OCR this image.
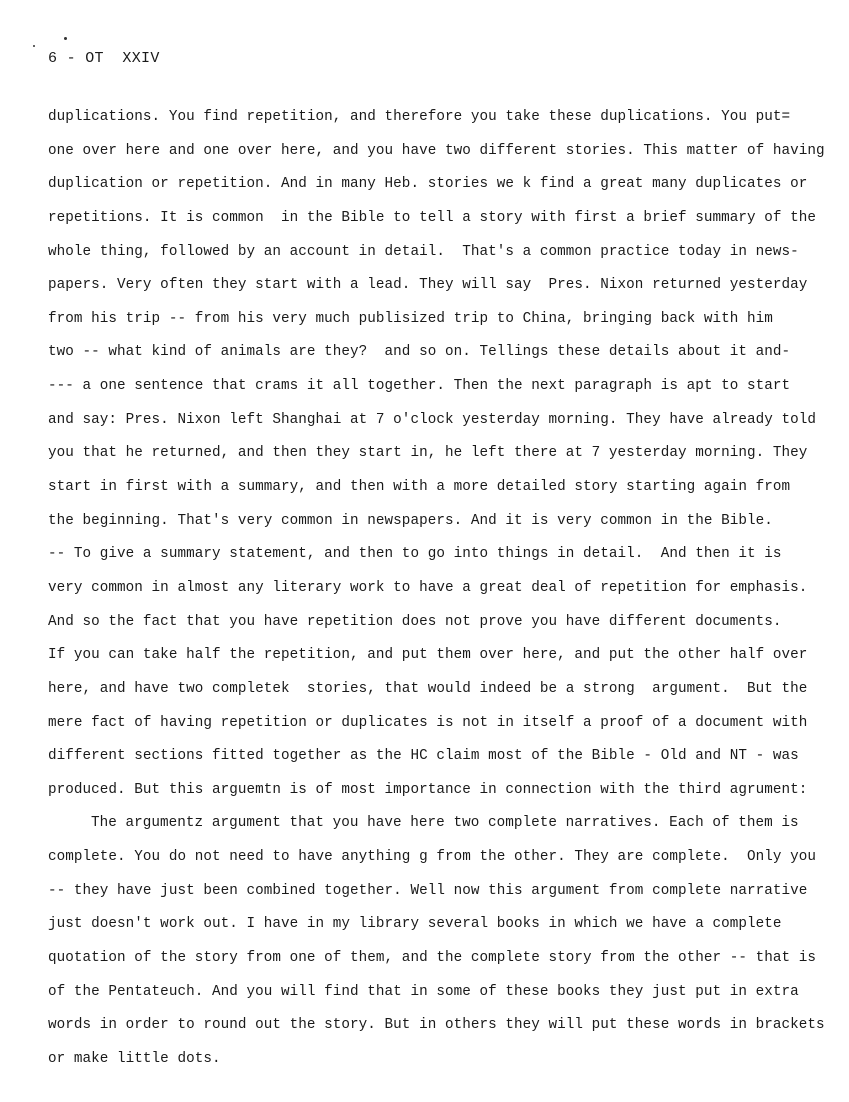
6 - OT  XXIV
duplications. You find repetition, and therefore you take these duplications. You put=
one over here and one over here, and you have two different stories. This matter of having
duplication or repetition. And in many Heb. stories we k find a great many duplicates or
repetitions. It is common  in the Bible to tell a story with first a brief summary of the
whole thing, followed by an account in detail.  That's a common practice today in news-
papers. Very often they start with a lead. They will say  Pres. Nixon returned yesterday
from his trip -- from his very much publisized trip to China, bringing back with him
two -- what kind of animals are they?  and so on. Tellings these details about it and-
--- a one sentence that crams it all together. Then the next paragraph is apt to start
and say: Pres. Nixon left Shanghai at 7 o'clock yesterday morning. They have already told
you that he returned, and then they start in, he left there at 7 yesterday morning. They
start in first with a summary, and then with a more detailed story starting again from
the beginning. That's very common in newspapers. And it is very common in the Bible.
-- To give a summary statement, and then to go into things in detail.  And then it is
very common in almost any literary work to have a great deal of repetition for emphasis.
And so the fact that you have repetition does not prove you have different documents.
If you can take half the repetition, and put them over here, and put the other half over
here, and have two completek  stories, that would indeed be a strong  argument.  But the
mere fact of having repetition or duplicates is not in itself a proof of a document with
different sections fitted together as the HC claim most of the Bible - Old and NT - was
produced. But this arguemtn is of most importance in connection with the third agrument:
The argumentz argument that you have here two complete narratives. Each of them is
complete. You do not need to have anything g from the other. They are complete.  Only you
-- they have just been combined together. Well now this argument from complete narrative
just doesn't work out. I have in my library several books in which we have a complete
quotation of the story from one of them, and the complete story from the other -- that is
of the Pentateuch. And you will find that in some of these books they just put in extra
words in order to round out the story. But in others they will put these words in brackets
or make little dots.
